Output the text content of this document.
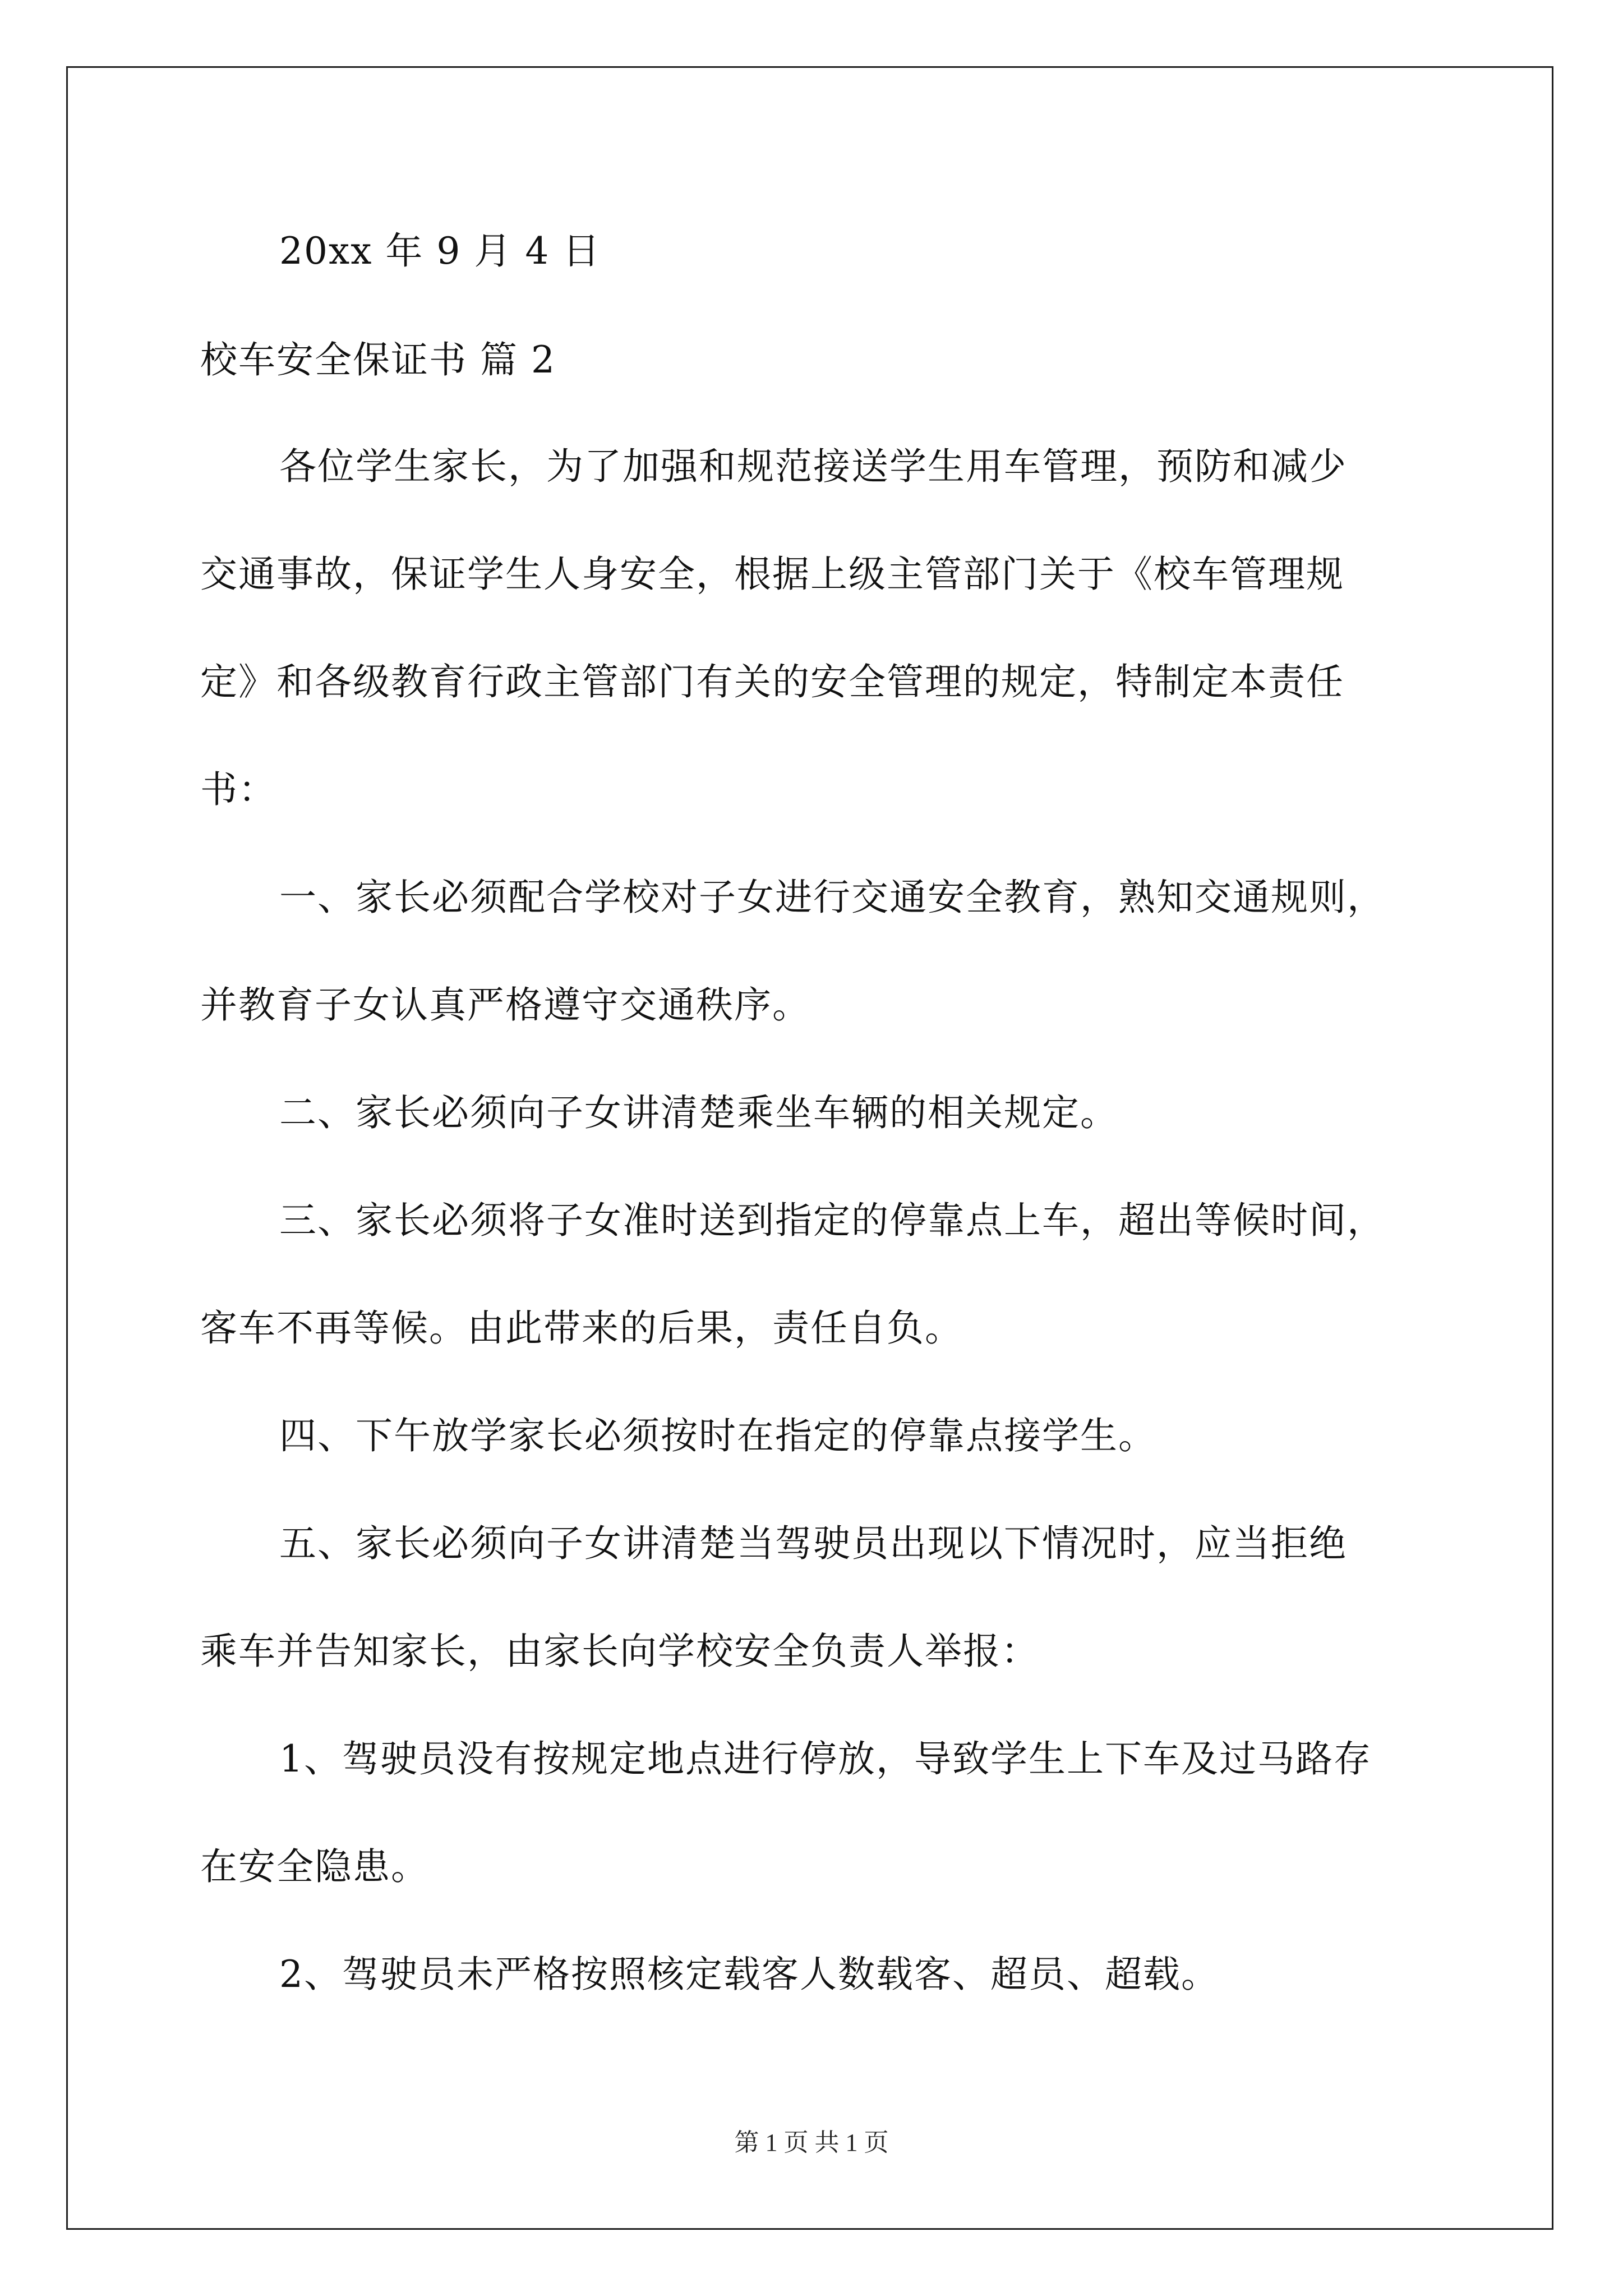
20xx 年 9 月 4 日
校车安全保证书 篇 2
各位学生家长，为了加强和规范接送学生用车管理，预防和减少
交通事故，保证学生人身安全，根据上级主管部门关于《校车管理规
定》和各级教育行政主管部门有关的安全管理的规定，特制定本责任
书：
一、家长必须配合学校对子女进行交通安全教育，熟知交通规则，
并教育子女认真严格遵守交通秩序。
二、家长必须向子女讲清楚乘坐车辆的相关规定。
三、家长必须将子女准时送到指定的停靠点上车，超出等候时间，
客车不再等候。由此带来的后果，责任自负。
四、下午放学家长必须按时在指定的停靠点接学生。
五、家长必须向子女讲清楚当驾驶员出现以下情况时，应当拒绝
乘车并告知家长，由家长向学校安全负责人举报：
1、驾驶员没有按规定地点进行停放，导致学生上下车及过马路存
在安全隐患。
2、驾驶员未严格按照核定载客人数载客、超员、超载。
第 1 页 共 1 页
